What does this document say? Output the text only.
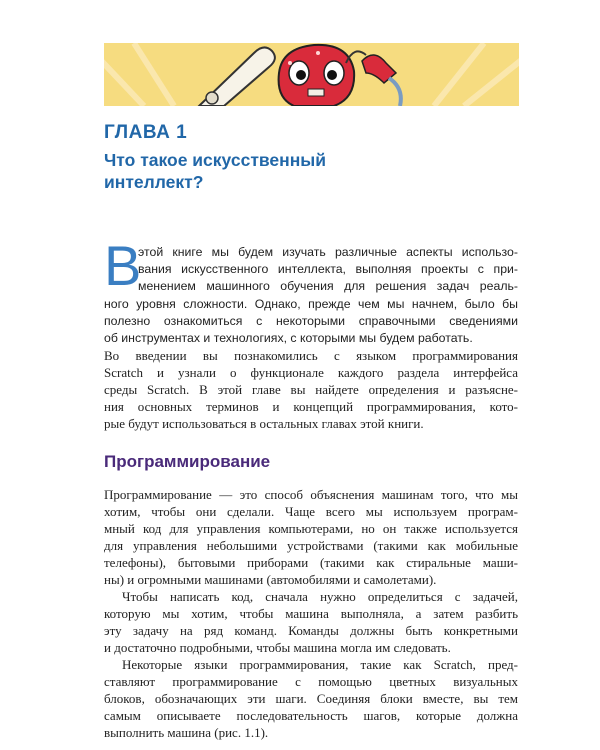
ГЛАВА 1
Что такое искусственный интеллект?
В
этой книге мы будем изучать различные аспекты использо-
вания искусственного интеллекта, выполняя проекты с при-
менением машинного обучения для решения задач реаль-
ного уровня сложности. Однако, прежде чем мы начнем, было бы
полезно ознакомиться с некоторыми справочными сведениями
об инструментах и технологиях, с которыми мы будем работать.
Во введении вы познакомились с языком программирования
Scratch и узнали о функционале каждого раздела интерфейса
среды Scratch. В этой главе вы найдете определения и разъясне-
ния основных терминов и концепций программирования, кото-
рые будут использоваться в остальных главах этой книги.
Программирование
Программирование — это способ объяснения машинам того, что мы
хотим, чтобы они сделали. Чаще всего мы используем програм-
мный код для управления компьютерами, но он также используется
для управления небольшими устройствами (такими как мобильные
телефоны), бытовыми приборами (такими как стиральные маши-
ны) и огромными машинами (автомобилями и самолетами).
Чтобы написать код, сначала нужно определиться с задачей,
которую мы хотим, чтобы машина выполняла, а затем разбить
эту задачу на ряд команд. Команды должны быть конкретными
и достаточно подробными, чтобы машина могла им следовать.
Некоторые языки программирования, такие как Scratch, пред-
ставляют программирование с помощью цветных визуальных
блоков, обозначающих эти шаги. Соединяя блоки вместе, вы тем
самым описываете последовательность шагов, которые должна
выполнить машина (рис. 1.1).
